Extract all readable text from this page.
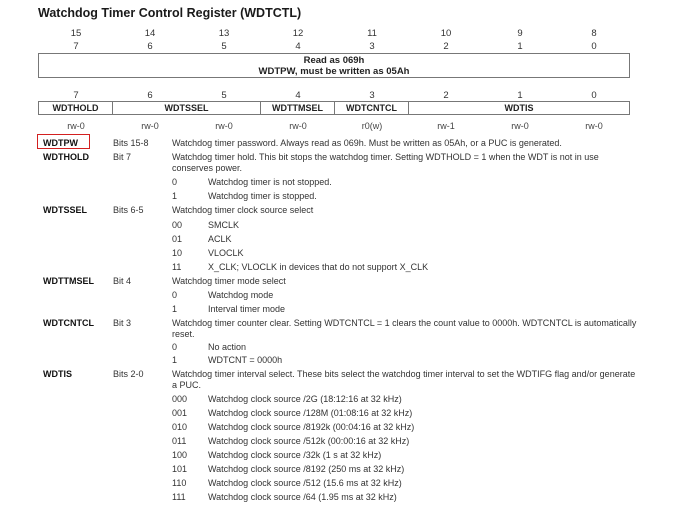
Watchdog Timer Control Register (WDTCTL)
15	14	13	12	11	10	9	8
7	6	5	4	3	2	1	0
Read as 069h
WDTPW, must be written as 05Ah
7	6	5	4	3	2	1	0
WDTHOLD	WDTSSEL	WDTTMSEL	WDTCNTCL	WDTIS
rw-0	rw-0	rw-0	rw-0	r0(w)	rw-1	rw-0	rw-0
WDTPW	Bits 15-8	Watchdog timer password. Always read as 069h. Must be written as 05Ah, or a PUC is generated.
WDTHOLD	Bit 7	Watchdog timer hold. This bit stops the watchdog timer. Setting WDTHOLD = 1 when the WDT is not in use conserves power.
0	Watchdog timer is not stopped.
1	Watchdog timer is stopped.
WDTSSEL	Bits 6-5	Watchdog timer clock source select
00	SMCLK
01	ACLK
10	VLOCLK
11	X_CLK; VLOCLK in devices that do not support X_CLK
WDTTMSEL Bit 4	Watchdog timer mode select
0	Watchdog mode
1	Interval timer mode
WDTCNTCL Bit 3	Watchdog timer counter clear. Setting WDTCNTCL = 1 clears the count value to 0000h. WDTCNTCL is automatically reset.
0	No action
1	WDTCNT = 0000h
WDTIS	Bits 2-0	Watchdog timer interval select. These bits select the watchdog timer interval to set the WDTIFG flag and/or generate a PUC.
000 Watchdog clock source /2G (18:12:16 at 32 kHz)
001 Watchdog clock source /128M (01:08:16 at 32 kHz)
010 Watchdog clock source /8192k (00:04:16 at 32 kHz)
011 Watchdog clock source /512k (00:00:16 at 32 kHz)
100 Watchdog clock source /32k (1 s at 32 kHz)
101 Watchdog clock source /8192 (250 ms at 32 kHz)
110 Watchdog clock source /512 (15.6 ms at 32 kHz)
111 Watchdog clock source /64 (1.95 ms at 32 kHz)
